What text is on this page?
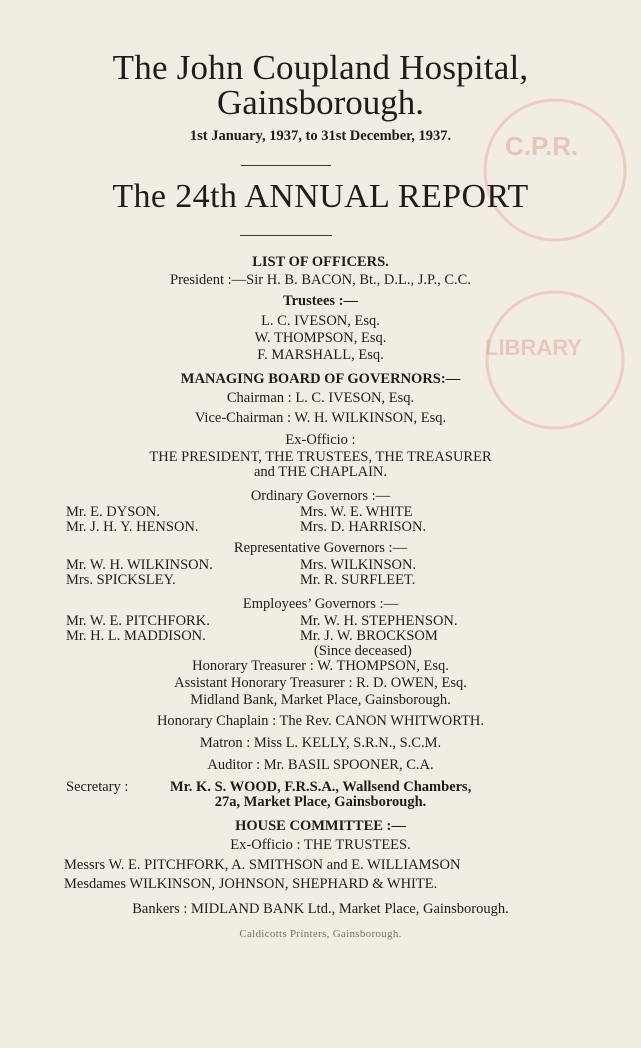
C.P.R.
LIBRARY
The John Coupland Hospital,
Gainsborough.
1st January, 1937, to 31st December, 1937.
The 24th ANNUAL REPORT
LIST OF OFFICERS.
President :—Sir H. B. BACON, Bt., D.L., J.P., C.C.
Trustees :—
L. C. IVESON, Esq.
W. THOMPSON, Esq.
F. MARSHALL, Esq.
MANAGING BOARD OF GOVERNORS:—
Chairman : L. C. IVESON, Esq.
Vice-Chairman : W. H. WILKINSON, Esq.
Ex-Officio :
THE PRESIDENT, THE TRUSTEES, THE TREASURER
and THE CHAPLAIN.
Ordinary Governors :—
Mr. E. DYSON.
Mr. J. H. Y. HENSON.
Mrs. W. E. WHITE
Mrs. D. HARRISON.
Representative Governors :—
Mr. W. H. WILKINSON.
Mrs. SPICKSLEY.
Mrs. WILKINSON.
Mr. R. SURFLEET.
Employees’ Governors :—
Mr. W. E. PITCHFORK.
Mr. H. L. MADDISON.
Mr. W. H. STEPHENSON.
Mr. J. W. BROCKSOM
(Since deceased)
Honorary Treasurer : W. THOMPSON, Esq.
Assistant Honorary Treasurer : R. D. OWEN, Esq.
Midland Bank, Market Place, Gainsborough.
Honorary Chaplain : The Rev. CANON WHITWORTH.
Matron : Miss L. KELLY, S.R.N., S.C.M.
Auditor : Mr. BASIL SPOONER, C.A.
Secretary :	Mr. K. S. WOOD, F.R.S.A., Wallsend Chambers,
27a, Market Place, Gainsborough.
HOUSE COMMITTEE :—
Ex-Officio : THE TRUSTEES.
Messrs W. E. PITCHFORK, A. SMITHSON and E. WILLIAMSON
Mesdames WILKINSON, JOHNSON, SHEPHARD & WHITE.
Bankers : MIDLAND BANK Ltd., Market Place, Gainsborough.
Caldicotts Printers, Gainsborough.
